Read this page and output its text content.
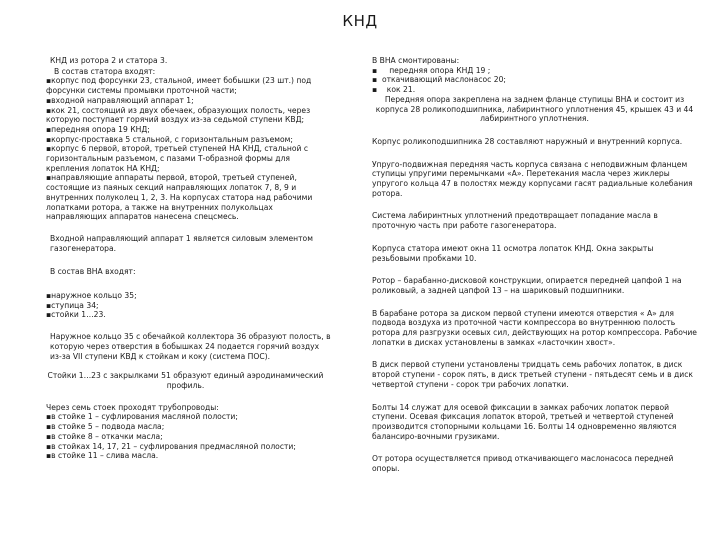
КНД

КНД из ротора 2 и статора 3.

В состав статора входят:

▪корпус под форсунки 23, стальной, имеет бобышки (23 шт.) под форсунки системы промывки проточной части;

▪входной направляющий аппарат 1;

▪кок 21, состоящий из двух обечаек, образующих полость, через которую поступает горячий воздух из-за седьмой ступени КВД;

▪передняя опора 19 КНД;

▪корпус-проставка 5 стальной, с горизонтальным разъемом;

▪корпус 6 первой, второй, третьей ступеней НА КНД, стальной с горизонтальным разъемом, с пазами Т-образной формы для крепления лопаток НА КНД;

▪направляющие аппараты первой, второй, третьей ступеней, состоящие из паяных секций направляющих лопаток 7, 8, 9 и внутренних полуколец 1, 2, 3. На корпусах статора над рабочими лопатками ротора, а также на внутренних полукольцах направляющих аппаратов нанесена спецсмесь.

Входной направляющий аппарат 1 является силовым элементом газогенератора.

В состав ВНА входят:

▪наружное кольцо 35;

▪ступица 34;

▪стойки 1…23.

Наружное кольцо 35 с обечайкой коллектора 36 образуют полость, в которую через отверстия в бобышках 24 подается горячий воздух из-за VII ступени КВД к стойкам и коку (система ПОС).

Стойки 1…23 с закрылками 51 образуют единый аэродинамический профиль.

Через семь стоек проходят трубопроводы:

▪в стойке 1 – суфлирования масляной полости;

▪в стойке 5 – подвода масла;

▪в стойке 8 – откачки масла;

▪в стойках 14, 17, 21 – суфлирования предмасляной полости;

▪в стойке 11 – слива масла.

В ВНА смонтированы:

▪     передняя опора КНД 19 ;

▪  откачивающий маслонасос 20;

▪    кок 21.

Передняя опора закреплена на заднем фланце ступицы ВНА и состоит из корпуса 28 роликоподшипника, лабиринтного уплотнения 45, крышек 43 и 44 лабиринтного уплотнения.

Корпус роликоподшипника 28 составляют наружный и внутренний корпуса.

Упруго-подвижная передняя часть корпуса связана с неподвижным фланцем ступицы упругими перемычками «А». Перетекания масла через жиклеры упругого кольца 47 в полостях между корпусами гасят радиальные колебания ротора.

Система лабиринтных уплотнений предотвращает попадание масла в проточную часть при работе газогенератора.

Корпуса статора имеют окна 11 осмотра лопаток КНД. Окна закрыты резьбовыми пробками 10.

Ротор – барабанно-дисковой конструкции, опирается передней цапфой 1 на роликовый, а задней цапфой 13 – на шариковый подшипники.

В барабане ротора за диском первой ступени имеются отверстия « А» для подвода воздуха из проточной части компрессора во внутреннюю полость ротора для разгрузки осевых сил, действующих на ротор компрессора. Рабочие лопатки в дисках установлены в замках «ласточкин хвост».

В диск первой ступени установлены тридцать семь рабочих лопаток, в диск второй ступени - сорок пять, в диск третьей ступени - пятьдесят семь и в диск четвертой ступени - сорок три рабочих лопатки.

Болты 14 служат для осевой фиксации в замках рабочих лопаток первой ступени. Осевая фиксация лопаток второй, третьей и четвертой ступеней производится стопорными кольцами 16. Болты 14 одновременно являются балансиро-вочными грузиками.

От ротора осуществляется привод откачивающего маслонасоса передней опоры.
